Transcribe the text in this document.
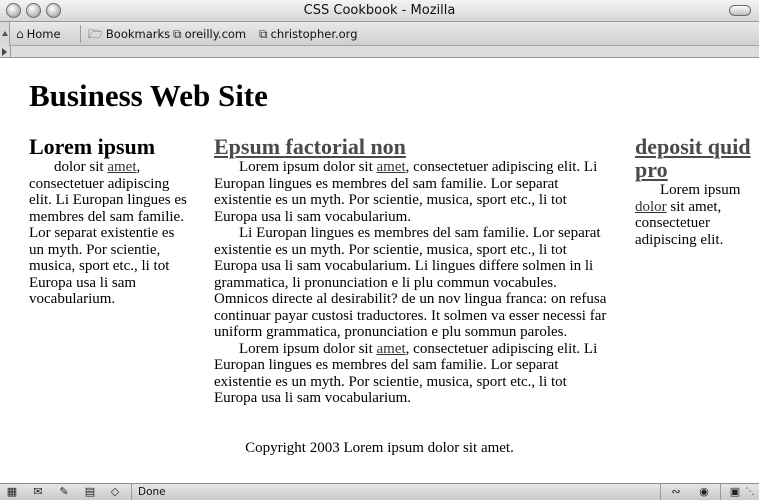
CSS Cookbook - Mozilla
⌂ Home 🗁 Bookmarks ⧉ oreilly.com ⧉ christopher.org
Business Web Site
Lorem ipsum

dolor sit amet, consectetuer adipiscing elit. Li Europan lingues es membres del sam familie. Lor separat existentie es un myth. Por scientie, musica, sport etc., li tot Europa usa li sam vocabularium.

Epsum factorial non

Lorem ipsum dolor sit amet, consectetuer adipiscing elit. Li Europan lingues es membres del sam familie. Lor separat existentie es un myth. Por scientie, musica, sport etc., li tot Europa usa li sam vocabularium.

Li Europan lingues es membres del sam familie. Lor separat existentie es un myth. Por scientie, musica, sport etc., li tot Europa usa li sam vocabularium. Li lingues differe solmen in li grammatica, li pronunciation e li plu commun vocabules. Omnicos directe al desirabilit? de un nov lingua franca: on refusa continuar payar custosi traductores. It solmen va esser necessi far uniform grammatica, pronunciation e plu sommun paroles.

Lorem ipsum dolor sit amet, consectetuer adipiscing elit. Li Europan lingues es membres del sam familie. Lor separat existentie es un myth. Por scientie, musica, sport etc., li tot Europa usa li sam vocabularium.

deposit quid pro

Lorem ipsum dolor sit amet, consectetuer adipiscing elit.

Copyright 2003 Lorem ipsum dolor sit amet.
▦	✉	✎	▤	◇	Done	∾	◉ ▣ ⋱
